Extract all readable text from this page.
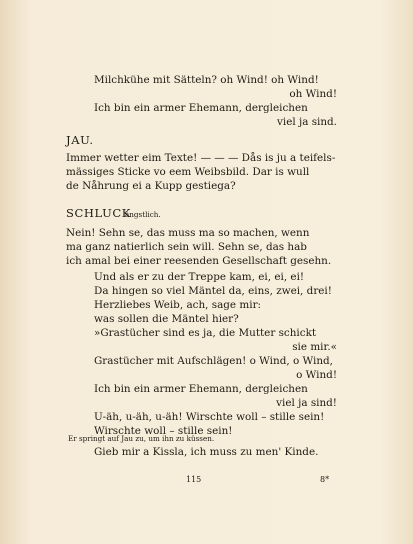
Milchkühe mit Sätteln? oh Wind! oh Wind!
oh Wind!
Ich bin ein armer Ehemann, dergleichen
viel ja sind.
JAU.
Immer wetter eim Texte! — — — Dås is ju a teifels-
mässiges Sticke vo eem Weibsbild. Dar is wull
de Nåhrung ei a Kupp gestiega?
SCHLUCK
ängstlich.
Nein! Sehn se, das muss ma so machen, wenn
ma ganz natierlich sein will. Sehn se, das hab
ich amal bei einer reesenden Gesellschaft gesehn.
Und als er zu der Treppe kam, ei, ei, ei!
Da hingen so viel Mäntel da, eins, zwei, drei!
Herzliebes Weib, ach, sage mir:
was sollen die Mäntel hier?
»Grastücher sind es ja, die Mutter schickt
sie mir.«
Grastücher mit Aufschlägen! o Wind, o Wind,
o Wind!
Ich bin ein armer Ehemann, dergleichen
viel ja sind!
U-äh, u-äh, u-äh! Wirschte woll – stille sein!
Wirschte woll – stille sein!
Er springt auf Jau zu, um ihn zu küssen.
Gieb mir a Kissla, ich muss zu men' Kinde.
115	8*
